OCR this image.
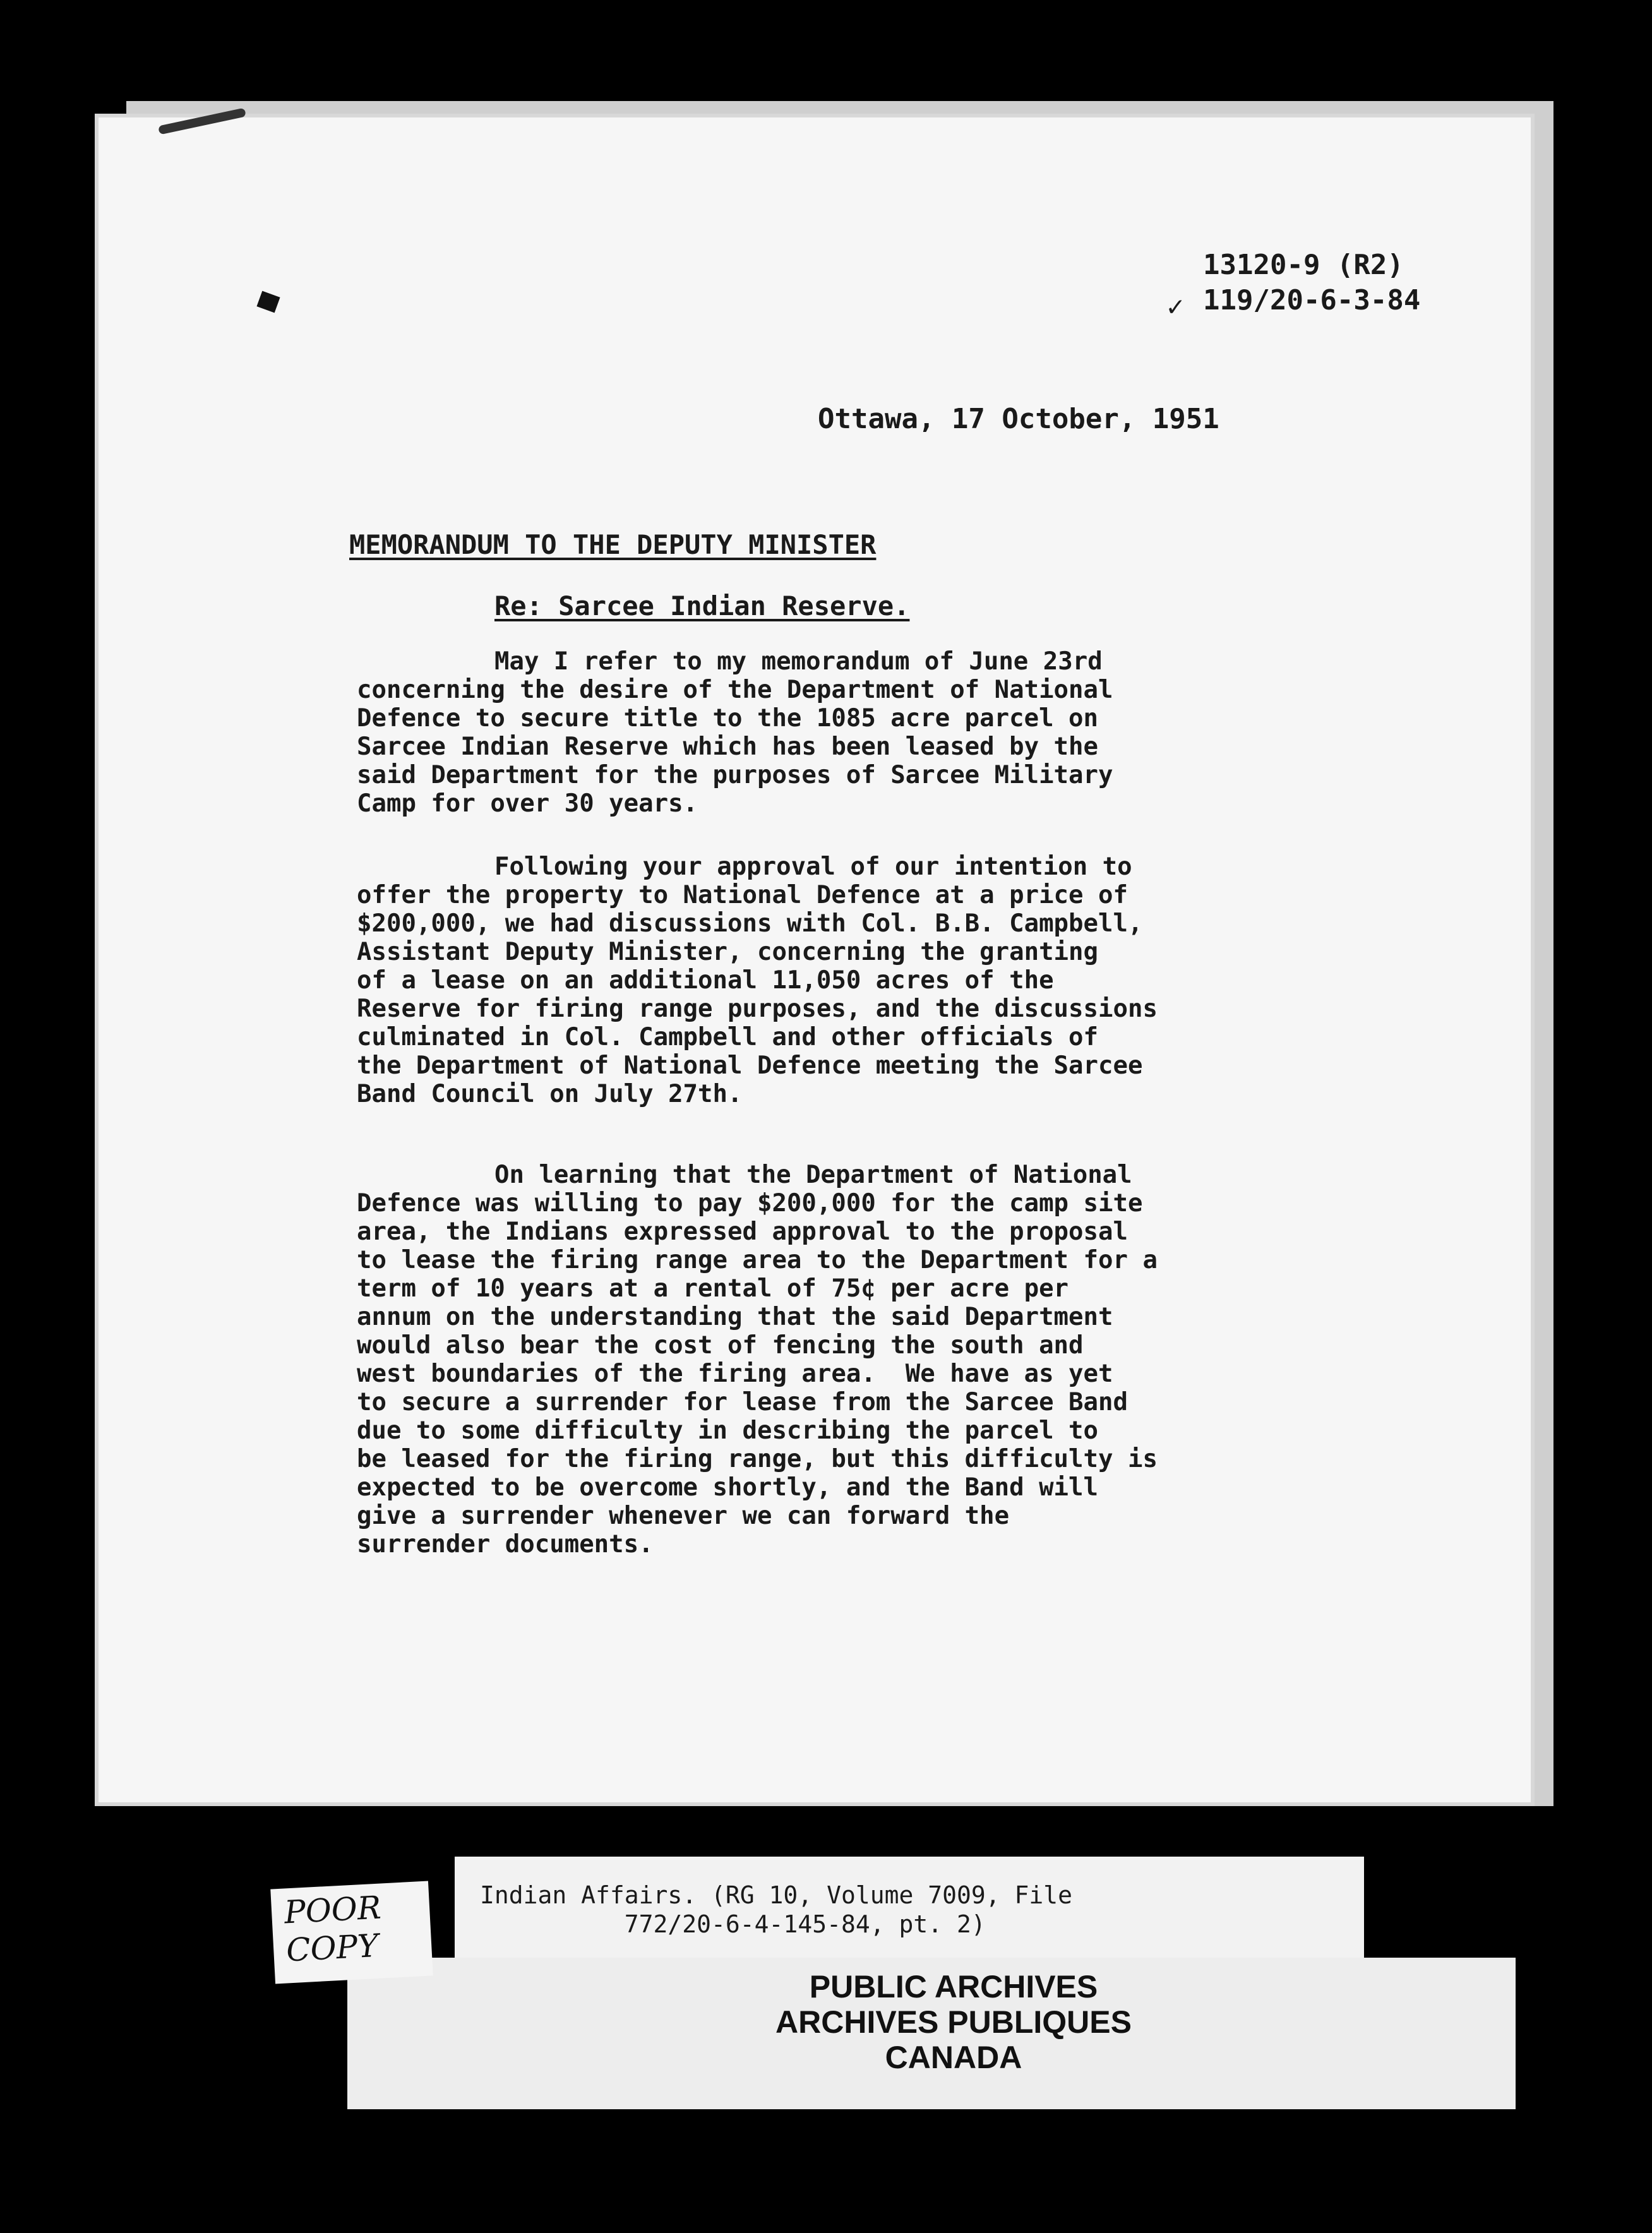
13120-9 (R2)
119/20-6-3-84
✓
Ottawa, 17 October, 1951
MEMORANDUM TO THE DEPUTY MINISTER
Re: Sarcee Indian Reserve.
May I refer to my memorandum of June 23rd
concerning the desire of the Department of National
Defence to secure title to the 1085 acre parcel on
Sarcee Indian Reserve which has been leased by the
said Department for the purposes of Sarcee Military
Camp for over 30 years.
Following your approval of our intention to
offer the property to National Defence at a price of
$200,000, we had discussions with Col. B.B. Campbell,
Assistant Deputy Minister, concerning the granting
of a lease on an additional 11,050 acres of the
Reserve for firing range purposes, and the discussions
culminated in Col. Campbell and other officials of
the Department of National Defence meeting the Sarcee
Band Council on July 27th.
On learning that the Department of National
Defence was willing to pay $200,000 for the camp site
area, the Indians expressed approval to the proposal
to lease the firing range area to the Department for a
term of 10 years at a rental of 75¢ per acre per
annum on the understanding that the said Department
would also bear the cost of fencing the south and
west boundaries of the firing area.  We have as yet
to secure a surrender for lease from the Sarcee Band
due to some difficulty in describing the parcel to
be leased for the firing range, but this difficulty is
expected to be overcome shortly, and the Band will
give a surrender whenever we can forward the
surrender documents.
Indian Affairs. (RG 10, Volume 7009, File
772/20-6-4-145-84, pt. 2)
PUBLIC ARCHIVES
ARCHIVES PUBLIQUES
CANADA
POOR
COPY
